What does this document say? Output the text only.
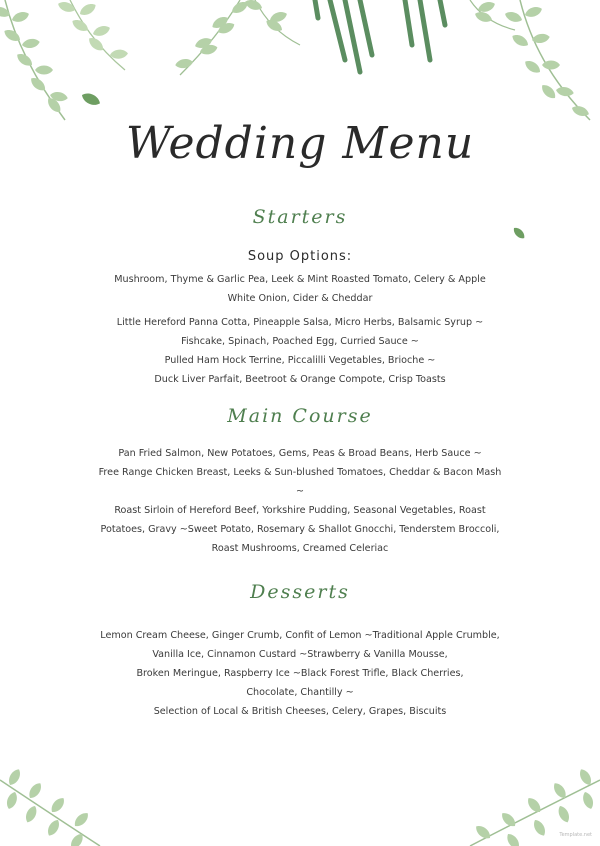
Wedding Menu
Starters
Soup Options:
Mushroom, Thyme & Garlic Pea, Leek & Mint Roasted Tomato, Celery & Apple
White Onion, Cider & Cheddar
Little Hereford Panna Cotta, Pineapple Salsa, Micro Herbs, Balsamic Syrup ~
Fishcake, Spinach, Poached Egg, Curried Sauce ~
Pulled Ham Hock Terrine, Piccalilli Vegetables, Brioche ~
Duck Liver Parfait, Beetroot & Orange Compote, Crisp Toasts
Main Course
Pan Fried Salmon, New Potatoes, Gems, Peas & Broad Beans, Herb Sauce ~
Free Range Chicken Breast, Leeks & Sun-blushed Tomatoes, Cheddar & Bacon Mash
~
Roast Sirloin of Hereford Beef, Yorkshire Pudding, Seasonal Vegetables, Roast
Potatoes, Gravy ~Sweet Potato, Rosemary & Shallot Gnocchi, Tenderstem Broccoli,
Roast Mushrooms, Creamed Celeriac
Desserts
Lemon Cream Cheese, Ginger Crumb, Confit of Lemon ~Traditional Apple Crumble,
Vanilla Ice, Cinnamon Custard ~Strawberry & Vanilla Mousse,
Broken Meringue, Raspberry Ice ~Black Forest Trifle, Black Cherries,
Chocolate, Chantilly ~
Selection of Local & British Cheeses, Celery, Grapes, Biscuits
Template.net
